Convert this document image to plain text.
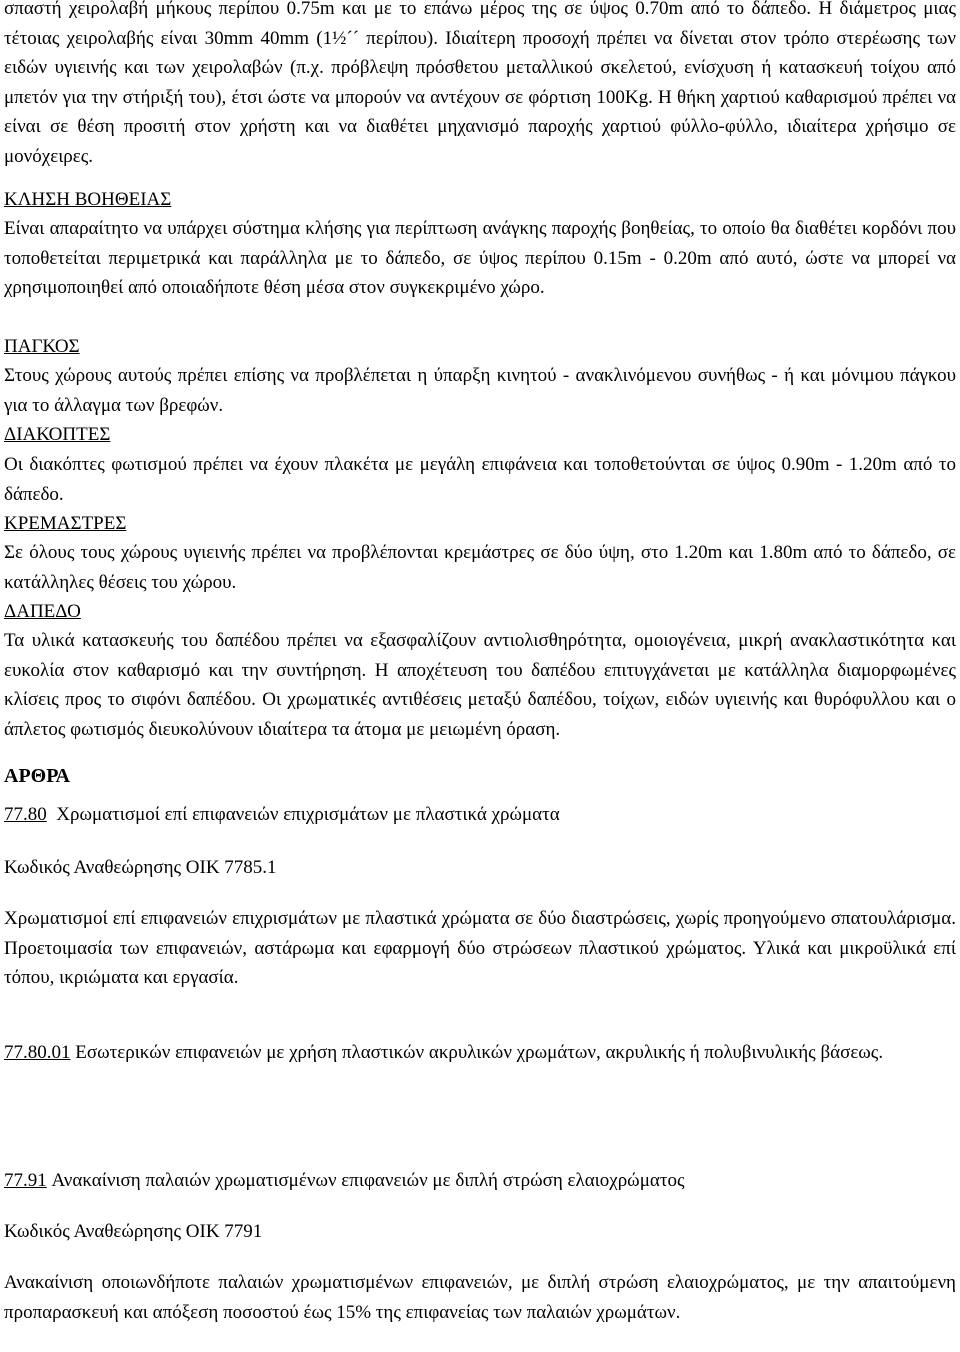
σπαστή χειρολαβή μήκους περίπου 0.75m και με το επάνω μέρος της σε ύψος 0.70m από το δάπεδο. Η διάμετρος μιας τέτοιας χειρολαβής είναι 30mm 40mm (1½´´ περίπου). Ιδιαίτερη προσοχή πρέπει να δίνεται στον τρόπο στερέωσης των ειδών υγιεινής και των χειρολαβών (π.χ. πρόβλεψη πρόσθετου μεταλλικού σκελετού, ενίσχυση ή κατασκευή τοίχου από μπετόν για την στήριξή του), έτσι ώστε να μπορούν να αντέχουν σε φόρτιση 100Kg. Η θήκη χαρτιού καθαρισμού πρέπει να είναι σε θέση προσιτή στον χρήστη και να διαθέτει μηχανισμό παροχής χαρτιού φύλλο-φύλλο, ιδιαίτερα χρήσιμο σε μονόχειρες.

ΚΛΗΣΗ ΒΟΗΘΕΙΑΣ

Είναι απαραίτητο να υπάρχει σύστημα κλήσης για περίπτωση ανάγκης παροχής βοηθείας, το οποίο θα διαθέτει κορδόνι που τοποθετείται περιμετρικά και παράλληλα με το δάπεδο, σε ύψος περίπου 0.15m - 0.20m από αυτό, ώστε να μπορεί να χρησιμοποιηθεί από οποιαδήποτε θέση μέσα στον συγκεκριμένο χώρο.

ΠΑΓΚΟΣ

Στους χώρους αυτούς πρέπει επίσης να προβλέπεται η ύπαρξη κινητού - ανακλινόμενου συνήθως - ή και μόνιμου πάγκου για το άλλαγμα των βρεφών.

ΔΙΑΚΟΠΤΕΣ

Οι διακόπτες φωτισμού πρέπει να έχουν πλακέτα με μεγάλη επιφάνεια και τοποθετούνται σε ύψος 0.90m - 1.20m από το δάπεδο.

ΚΡΕΜΑΣΤΡΕΣ

Σε όλους τους χώρους υγιεινής πρέπει να προβλέπονται κρεμάστρες σε δύο ύψη, στο 1.20m και 1.80m από το δάπεδο, σε κατάλληλες θέσεις του χώρου.

ΔΑΠΕΔΟ

Τα υλικά κατασκευής του δαπέδου πρέπει να εξασφαλίζουν αντιολισθηρότητα, ομοιογένεια, μικρή ανακλαστικότητα και ευκολία στον καθαρισμό και την συντήρηση. Η αποχέτευση του δαπέδου επιτυγχάνεται με κατάλληλα διαμορφωμένες κλίσεις προς το σιφόνι δαπέδου. Οι χρωματικές αντιθέσεις μεταξύ δαπέδου, τοίχων, ειδών υγιεινής και θυρόφυλλου και ο άπλετος φωτισμός διευκολύνουν ιδιαίτερα τα άτομα με μειωμένη όραση.

ΑΡΘΡΑ
77.80 Χρωματισμοί επί επιφανειών επιχρισμάτων με πλαστικά χρώματα
Κωδικός Αναθεώρησης ΟΙΚ 7785.1

Χρωματισμοί επί επιφανειών επιχρισμάτων με πλαστικά χρώματα σε δύο διαστρώσεις, χωρίς προηγούμενο σπατουλάρισμα. Προετοιμασία των επιφανειών, αστάρωμα και εφαρμογή δύο στρώσεων πλαστικού χρώματος. Υλικά και μικροϋλικά επί τόπου, ικριώματα και εργασία.

77.80.01 Εσωτερικών επιφανειών με χρήση πλαστικών ακρυλικών χρωμάτων, ακρυλικής ή πολυβινυλικής βάσεως.

77.91 Ανακαίνιση παλαιών χρωματισμένων επιφανειών με διπλή στρώση ελαιοχρώματος
Κωδικός Αναθεώρησης ΟΙΚ 7791

Ανακαίνιση οποιωνδήποτε παλαιών χρωματισμένων επιφανειών, με διπλή στρώση ελαιοχρώματος, με την απαιτούμενη προπαρασκευή και απόξεση ποσοστού έως 15% της επιφανείας των παλαιών χρωμάτων.
